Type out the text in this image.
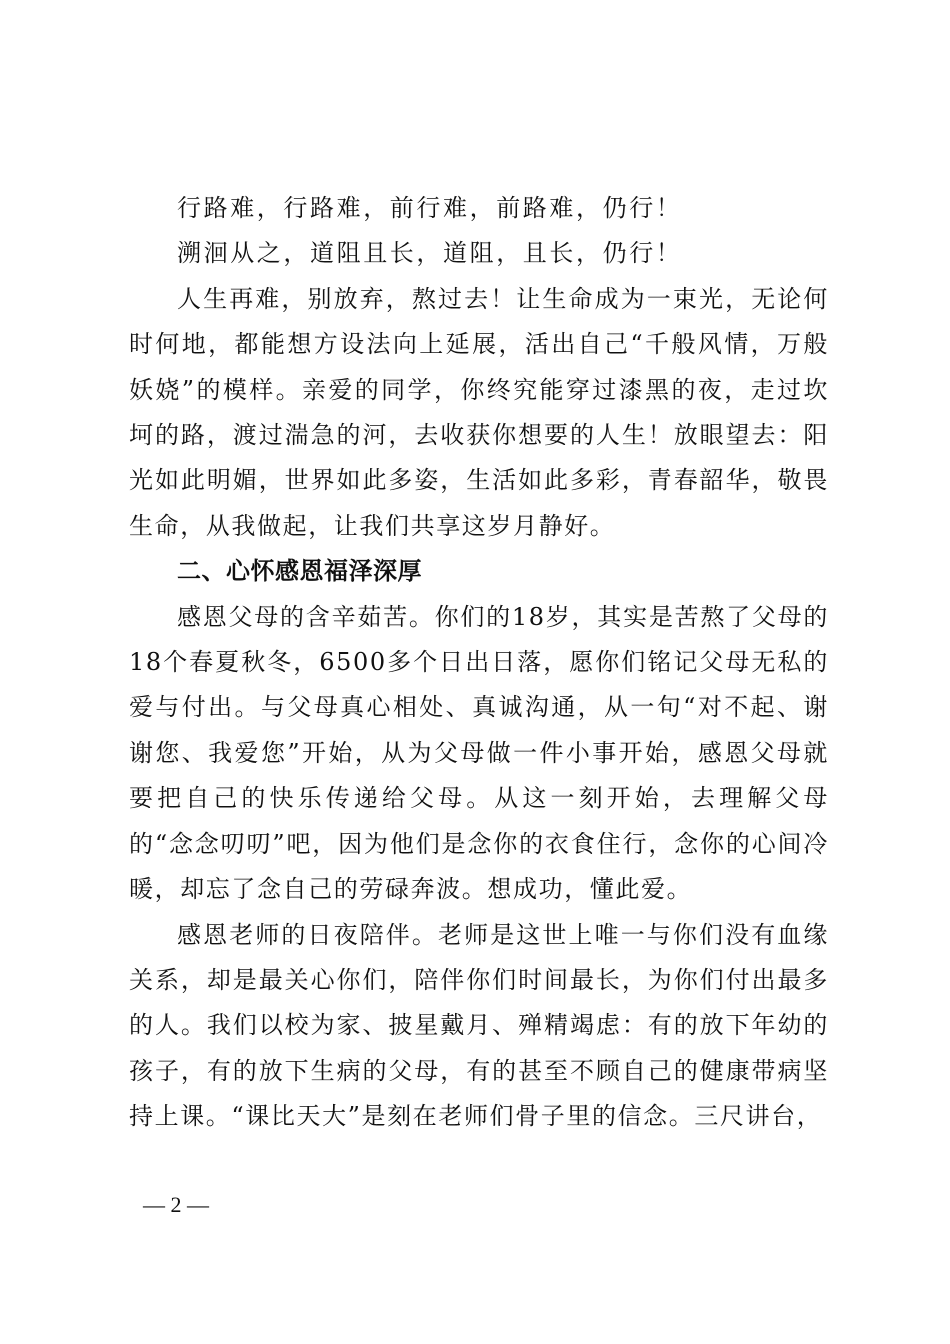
行路难，行路难，前行难，前路难，仍行！

溯洄从之，道阻且长，道阻，且长，仍行！

人生再难，别放弃，熬过去！让生命成为一束光，无论何时何地，都能想方设法向上延展，活出自己“千般风情，万般妖娆”的模样。亲爱的同学，你终究能穿过漆黑的夜，走过坎坷的路，渡过湍急的河，去收获你想要的人生！放眼望去：阳光如此明媚，世界如此多姿，生活如此多彩，青春韶华，敬畏生命，从我做起，让我们共享这岁月静好。

二、心怀感恩福泽深厚

感恩父母的含辛茹苦。你们的18岁，其实是苦熬了父母的18个春夏秋冬，6500多个日出日落，愿你们铭记父母无私的爱与付出。与父母真心相处、真诚沟通，从一句“对不起、谢谢您、我爱您”开始，从为父母做一件小事开始，感恩父母就要把自己的快乐传递给父母。从这一刻开始，去理解父母的“念念叨叨”吧，因为他们是念你的衣食住行，念你的心间冷暖，却忘了念自己的劳碌奔波。想成功，懂此爱。

感恩老师的日夜陪伴。老师是这世上唯一与你们没有血缘关系，却是最关心你们，陪伴你们时间最长，为你们付出最多的人。我们以校为家、披星戴月、殚精竭虑：有的放下年幼的孩子，有的放下生病的父母，有的甚至不顾自己的健康带病坚持上课。“课比天大”是刻在老师们骨子里的信念。三尺讲台，

— 2 —
